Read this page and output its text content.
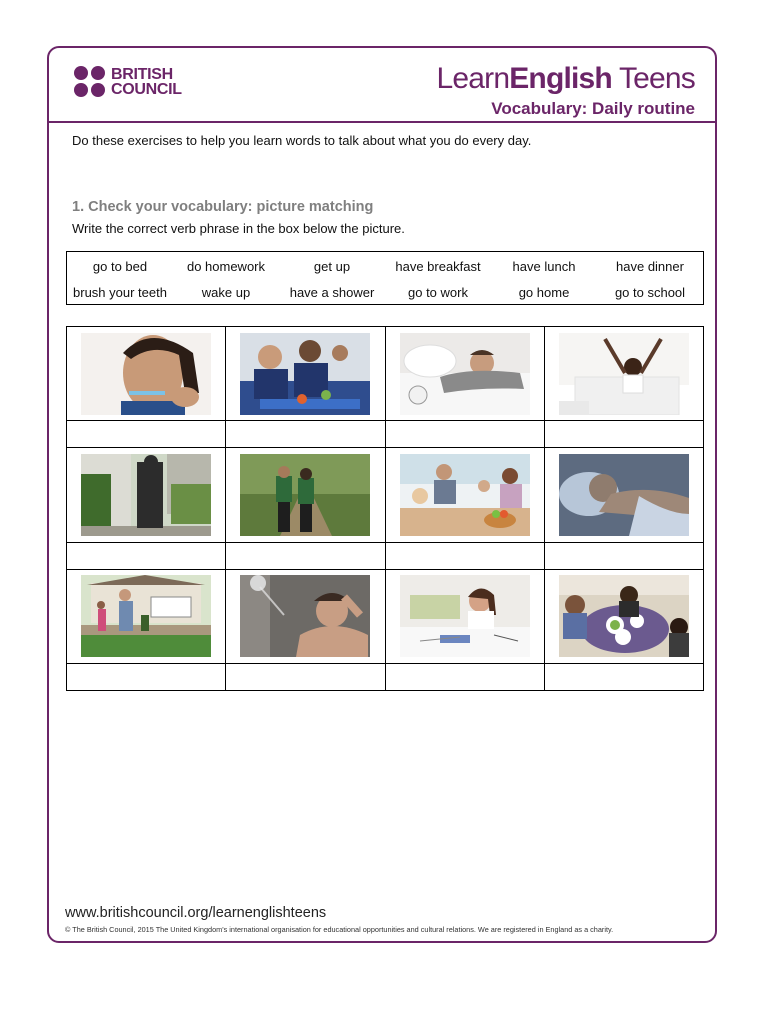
BRITISH
COUNCIL	LearnEnglish Teens
Vocabulary: Daily routine
Do these exercises to help you learn words to talk about what you do every day.
1. Check your vocabulary: picture matching
Write the correct verb phrase in the box below the picture.
go to bed	do homework	get up	have breakfast	have lunch	have dinner
brush your teeth	wake up	have a shower	go to work	go home	go to school

www.britishcouncil.org/learnenglishteens
© The British Council, 2015 The United Kingdom's international organisation for educational opportunities and cultural relations. We are registered in England as a charity.
